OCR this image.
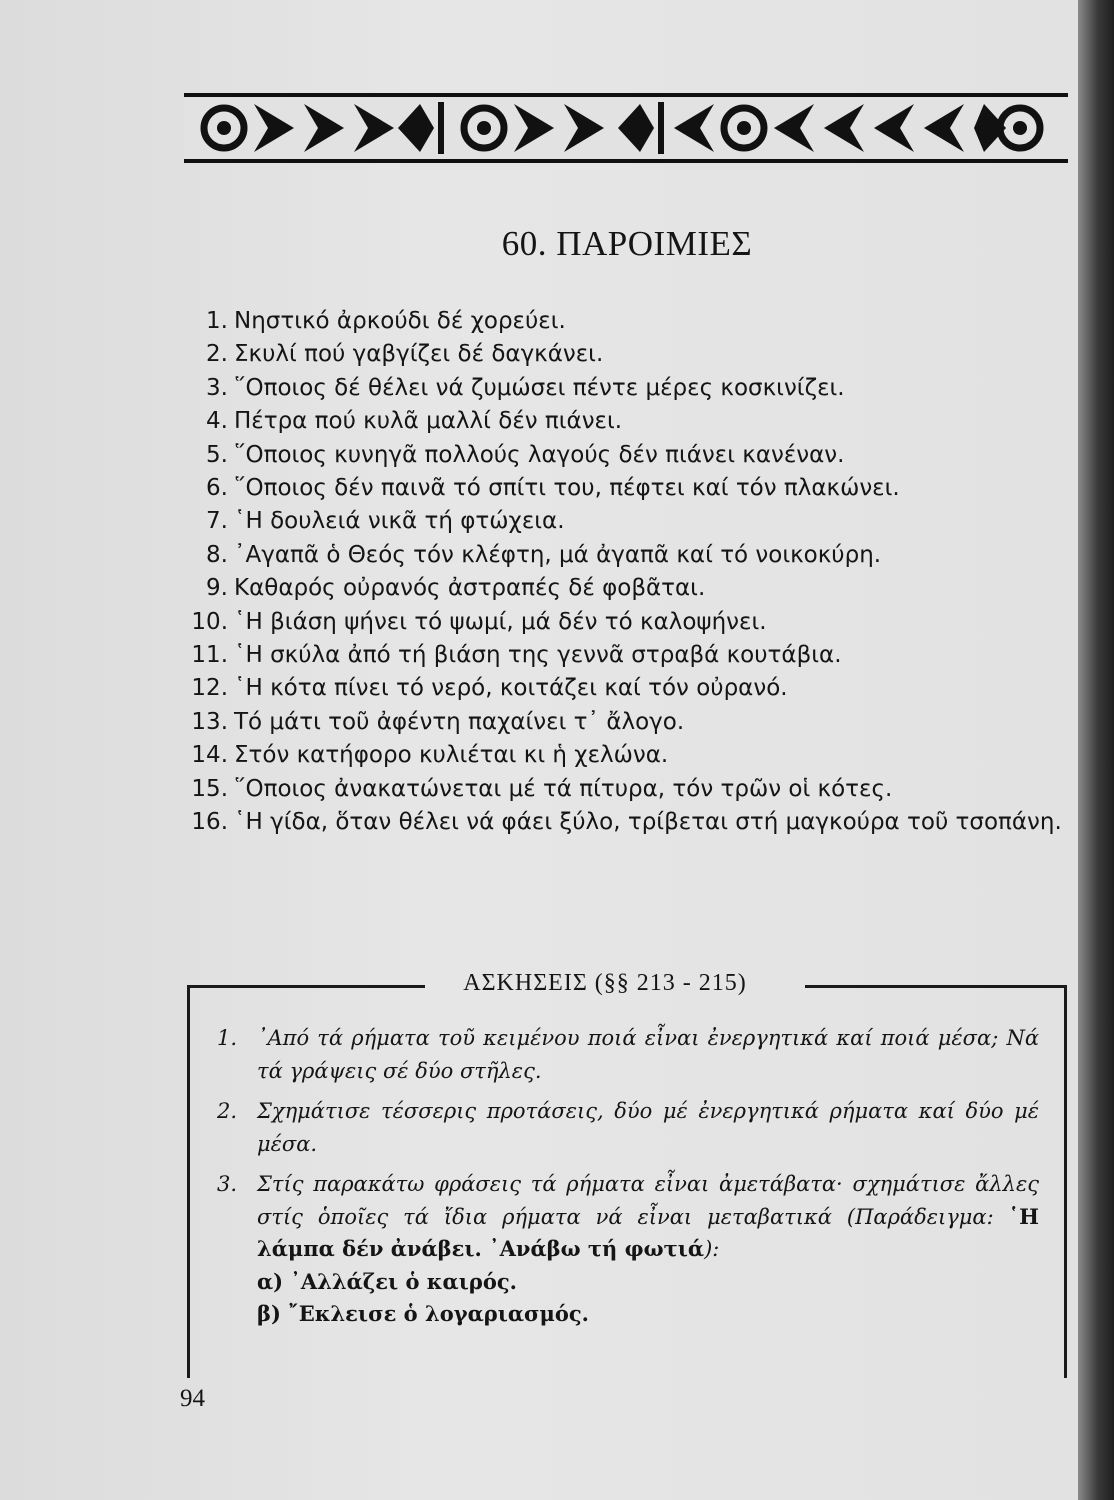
60. ΠΑΡΟΙΜΙΕΣ
1. Νηστικό ἀρκούδι δέ χορεύει.
2. Σκυλί πού γαβγίζει δέ δαγκάνει.
3. ῞Οποιος δέ θέλει νά ζυμώσει πέντε μέρες κοσκινίζει.
4. Πέτρα πού κυλᾶ μαλλί δέν πιάνει.
5. ῞Οποιος κυνηγᾶ πολλούς λαγούς δέν πιάνει κανέναν.
6. ῞Οποιος δέν παινᾶ τό σπίτι του, πέφτει καί τόν πλακώνει.
7. ῾Η δουλειά νικᾶ τή φτώχεια.
8. ᾿Αγαπᾶ ὁ Θεός τόν κλέφτη, μά ἀγαπᾶ καί τό νοικοκύρη.
9. Καθαρός οὐρανός ἀστραπές δέ φοβᾶται.
10. ῾Η βιάση ψήνει τό ψωμί, μά δέν τό καλοψήνει.
11. ῾Η σκύλα ἀπό τή βιάση της γεννᾶ στραβά κουτάβια.
12. ῾Η κότα πίνει τό νερό, κοιτάζει καί τόν οὐρανό.
13. Τό μάτι τοῦ ἀφέντη παχαίνει τ᾿ ἄλογο.
14. Στόν κατήφορο κυλιέται κι ἡ χελώνα.
15. ῞Οποιος ἀνακατώνεται μέ τά πίτυρα, τόν τρῶν οἱ κότες.
16. ῾Η γίδα, ὅταν θέλει νά φάει ξύλο, τρίβεται στή μαγκούρα τοῦ τσοπάνη.
ΑΣΚΗΣΕΙΣ (§§ 213 - 215)
1. ᾿Από τά ρήματα τοῦ κειμένου ποιά εἶναι ἐνεργητικά καί ποιά μέσα; Νά τά γράψεις σέ δύο στῆλες.
2. Σχημάτισε τέσσερις προτάσεις, δύο μέ ἐνεργητικά ρήματα καί δύο μέ μέσα.
3. Στίς παρακάτω φράσεις τά ρήματα εἶναι ἀμετάβατα· σχημάτισε ἄλλες στίς ὁποῖες τά ἴδια ρήματα νά εἶναι μεταβατικά (Παράδειγμα: ῾Η λάμπα δέν ἀνάβει. ᾿Ανάβω τή φωτιά):
α) ᾿Αλλάζει ὁ καιρός.
β) ῎Εκλεισε ὁ λογαριασμός.
94
